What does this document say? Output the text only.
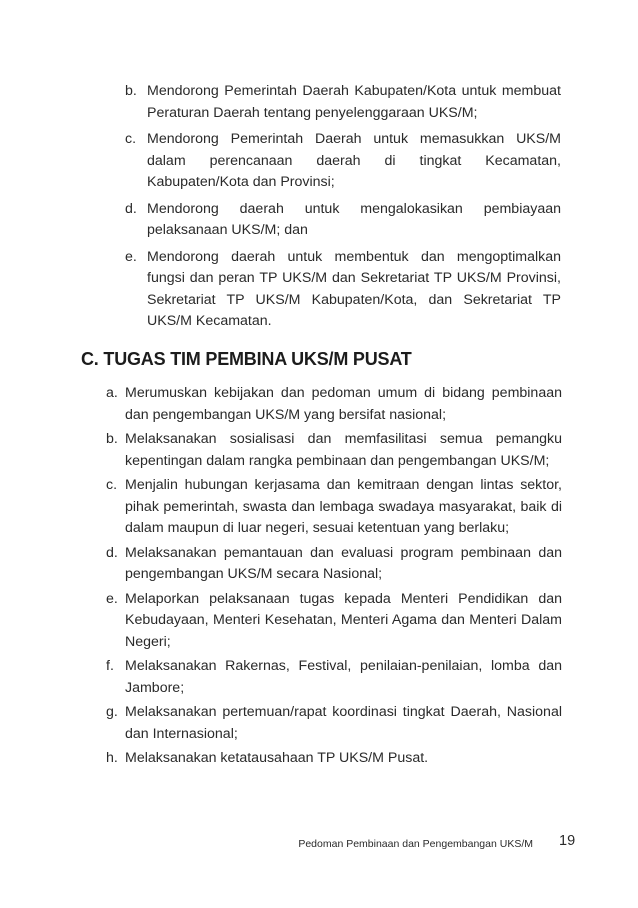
b. Mendorong Pemerintah Daerah Kabupaten/Kota untuk membuat Peraturan Daerah tentang penyelenggaraan UKS/M;
c. Mendorong Pemerintah Daerah untuk memasukkan UKS/M dalam perencanaan daerah di tingkat Kecamatan, Kabupaten/Kota dan Provinsi;
d. Mendorong daerah untuk mengalokasikan pembiayaan pelaksanaan UKS/M; dan
e. Mendorong daerah untuk membentuk dan mengoptimalkan fungsi dan peran TP UKS/M dan Sekretariat TP UKS/M Provinsi, Sekretariat TP UKS/M Kabupaten/Kota, dan Sekretariat TP UKS/M Kecamatan.
C. TUGAS TIM PEMBINA UKS/M PUSAT
a. Merumuskan kebijakan dan pedoman umum di bidang pembinaan dan pengembangan UKS/M yang bersifat nasional;
b. Melaksanakan sosialisasi dan memfasilitasi semua pemangku kepentingan dalam rangka pembinaan dan pengembangan UKS/M;
c. Menjalin hubungan kerjasama dan kemitraan dengan lintas sektor, pihak pemerintah, swasta dan lembaga swadaya masyarakat, baik di dalam maupun di luar negeri, sesuai ketentuan yang berlaku;
d. Melaksanakan pemantauan dan evaluasi program pembinaan dan pengembangan UKS/M secara Nasional;
e. Melaporkan pelaksanaan tugas kepada Menteri Pendidikan dan Kebudayaan, Menteri Kesehatan, Menteri Agama dan Menteri Dalam Negeri;
f. Melaksanakan Rakernas, Festival, penilaian-penilaian, lomba dan Jambore;
g. Melaksanakan pertemuan/rapat koordinasi tingkat Daerah, Nasional dan Internasional;
h. Melaksanakan ketatausahaan TP UKS/M Pusat.
Pedoman Pembinaan dan Pengembangan UKS/M 19
